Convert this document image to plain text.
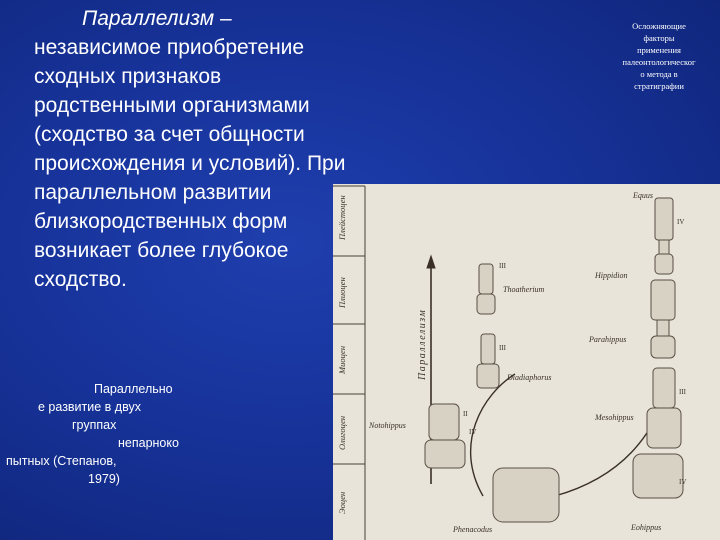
Параллелизм –
независимое приобретение
сходных признаков
родственными организмами
(сходство за счет общности
происхождения и условий). При
параллельном развитии
близкородственных форм
возникает более глубокое
сходство.
Параллельно
е развитие в двух
группах
непарноко
пытных (Степанов,
1979)
Осложняющие
факторы
применения
палеонтологическог
о метода в
стратиграфии
Плейстоцен
Плиоцен
Миоцен
Олигоцен
Эоцен
Параллелизм
Equus
Hippidion
Thoatherium
Parahippus
Diadiaphorus
Notohippus
Mesohippus
Phenacodus	Eohippus
IV
III
III
II
IV
III
IV
